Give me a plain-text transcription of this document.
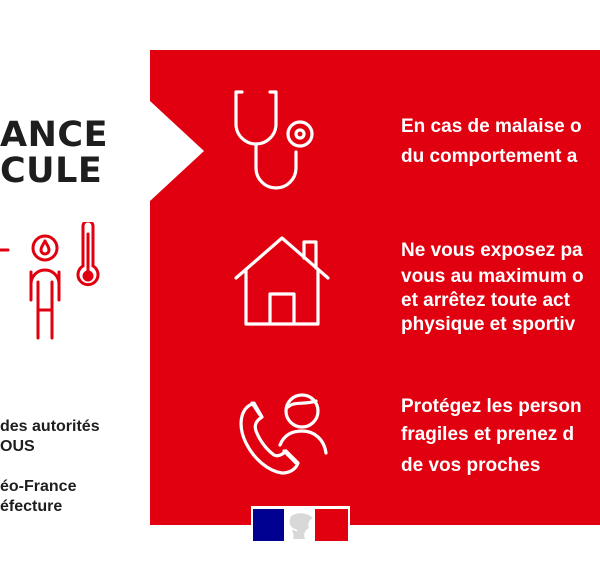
ANCE
CULE
des autorités
OUS
éo-France
éfecture

En cas de malaise o

du comportement a

Ne vous exposez pa

vous au maximum o

et arrêtez toute act

physique et sportiv

Protégez les person

fragiles et prenez d

de vos proches
